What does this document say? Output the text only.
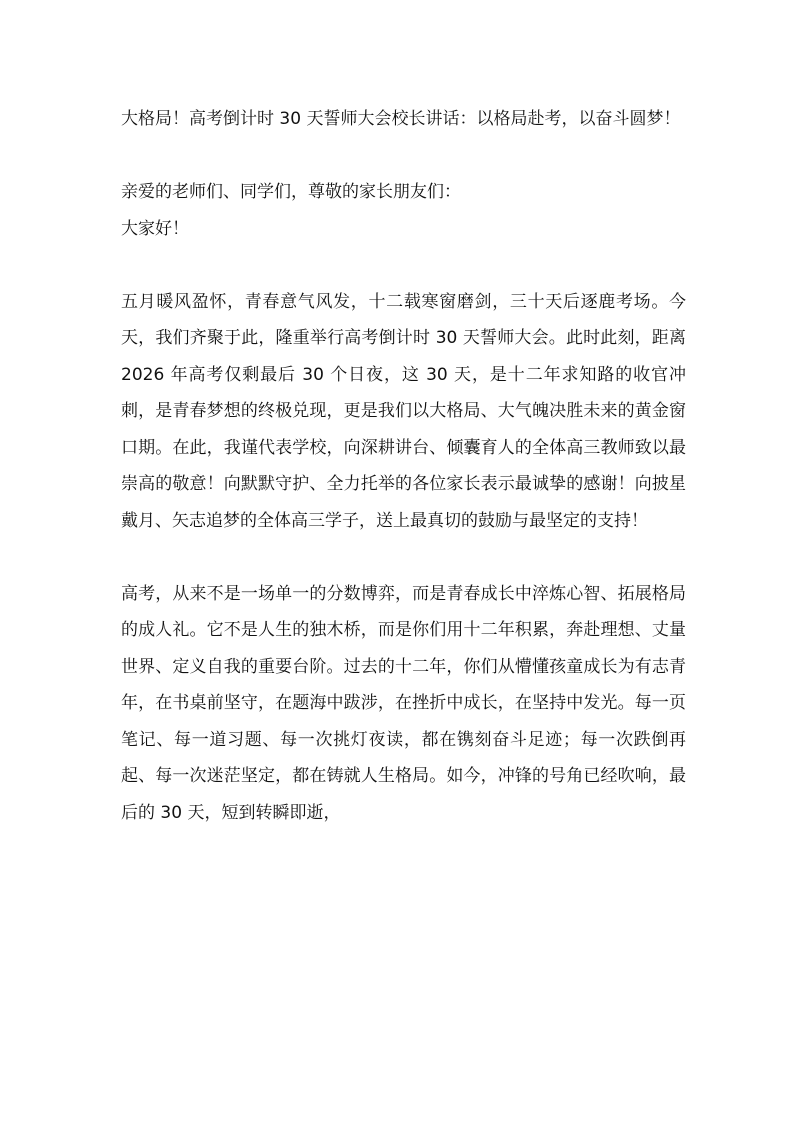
大格局！高考倒计时 30 天誓师大会校长讲话：以格局赴考，以奋斗圆梦！

亲爱的老师们、同学们，尊敬的家长朋友们：

大家好！

五月暖风盈怀，青春意气风发，十二载寒窗磨剑，三十天后逐鹿考场。今天，我们齐聚于此，隆重举行高考倒计时 30 天誓师大会。此时此刻，距离 2026 年高考仅剩最后 30 个日夜，这 30 天，是十二年求知路的收官冲刺，是青春梦想的终极兑现，更是我们以大格局、大气魄决胜未来的黄金窗口期。在此，我谨代表学校，向深耕讲台、倾囊育人的全体高三教师致以最崇高的敬意！向默默守护、全力托举的各位家长表示最诚挚的感谢！向披星戴月、矢志追梦的全体高三学子，送上最真切的鼓励与最坚定的支持！

高考，从来不是一场单一的分数博弈，而是青春成长中淬炼心智、拓展格局的成人礼。它不是人生的独木桥，而是你们用十二年积累，奔赴理想、丈量世界、定义自我的重要台阶。过去的十二年，你们从懵懂孩童成长为有志青年，在书桌前坚守，在题海中跋涉，在挫折中成长，在坚持中发光。每一页笔记、每一道习题、每一次挑灯夜读，都在镌刻奋斗足迹；每一次跌倒再起、每一次迷茫坚定，都在铸就人生格局。如今，冲锋的号角已经吹响，最后的 30 天，短到转瞬即逝，
